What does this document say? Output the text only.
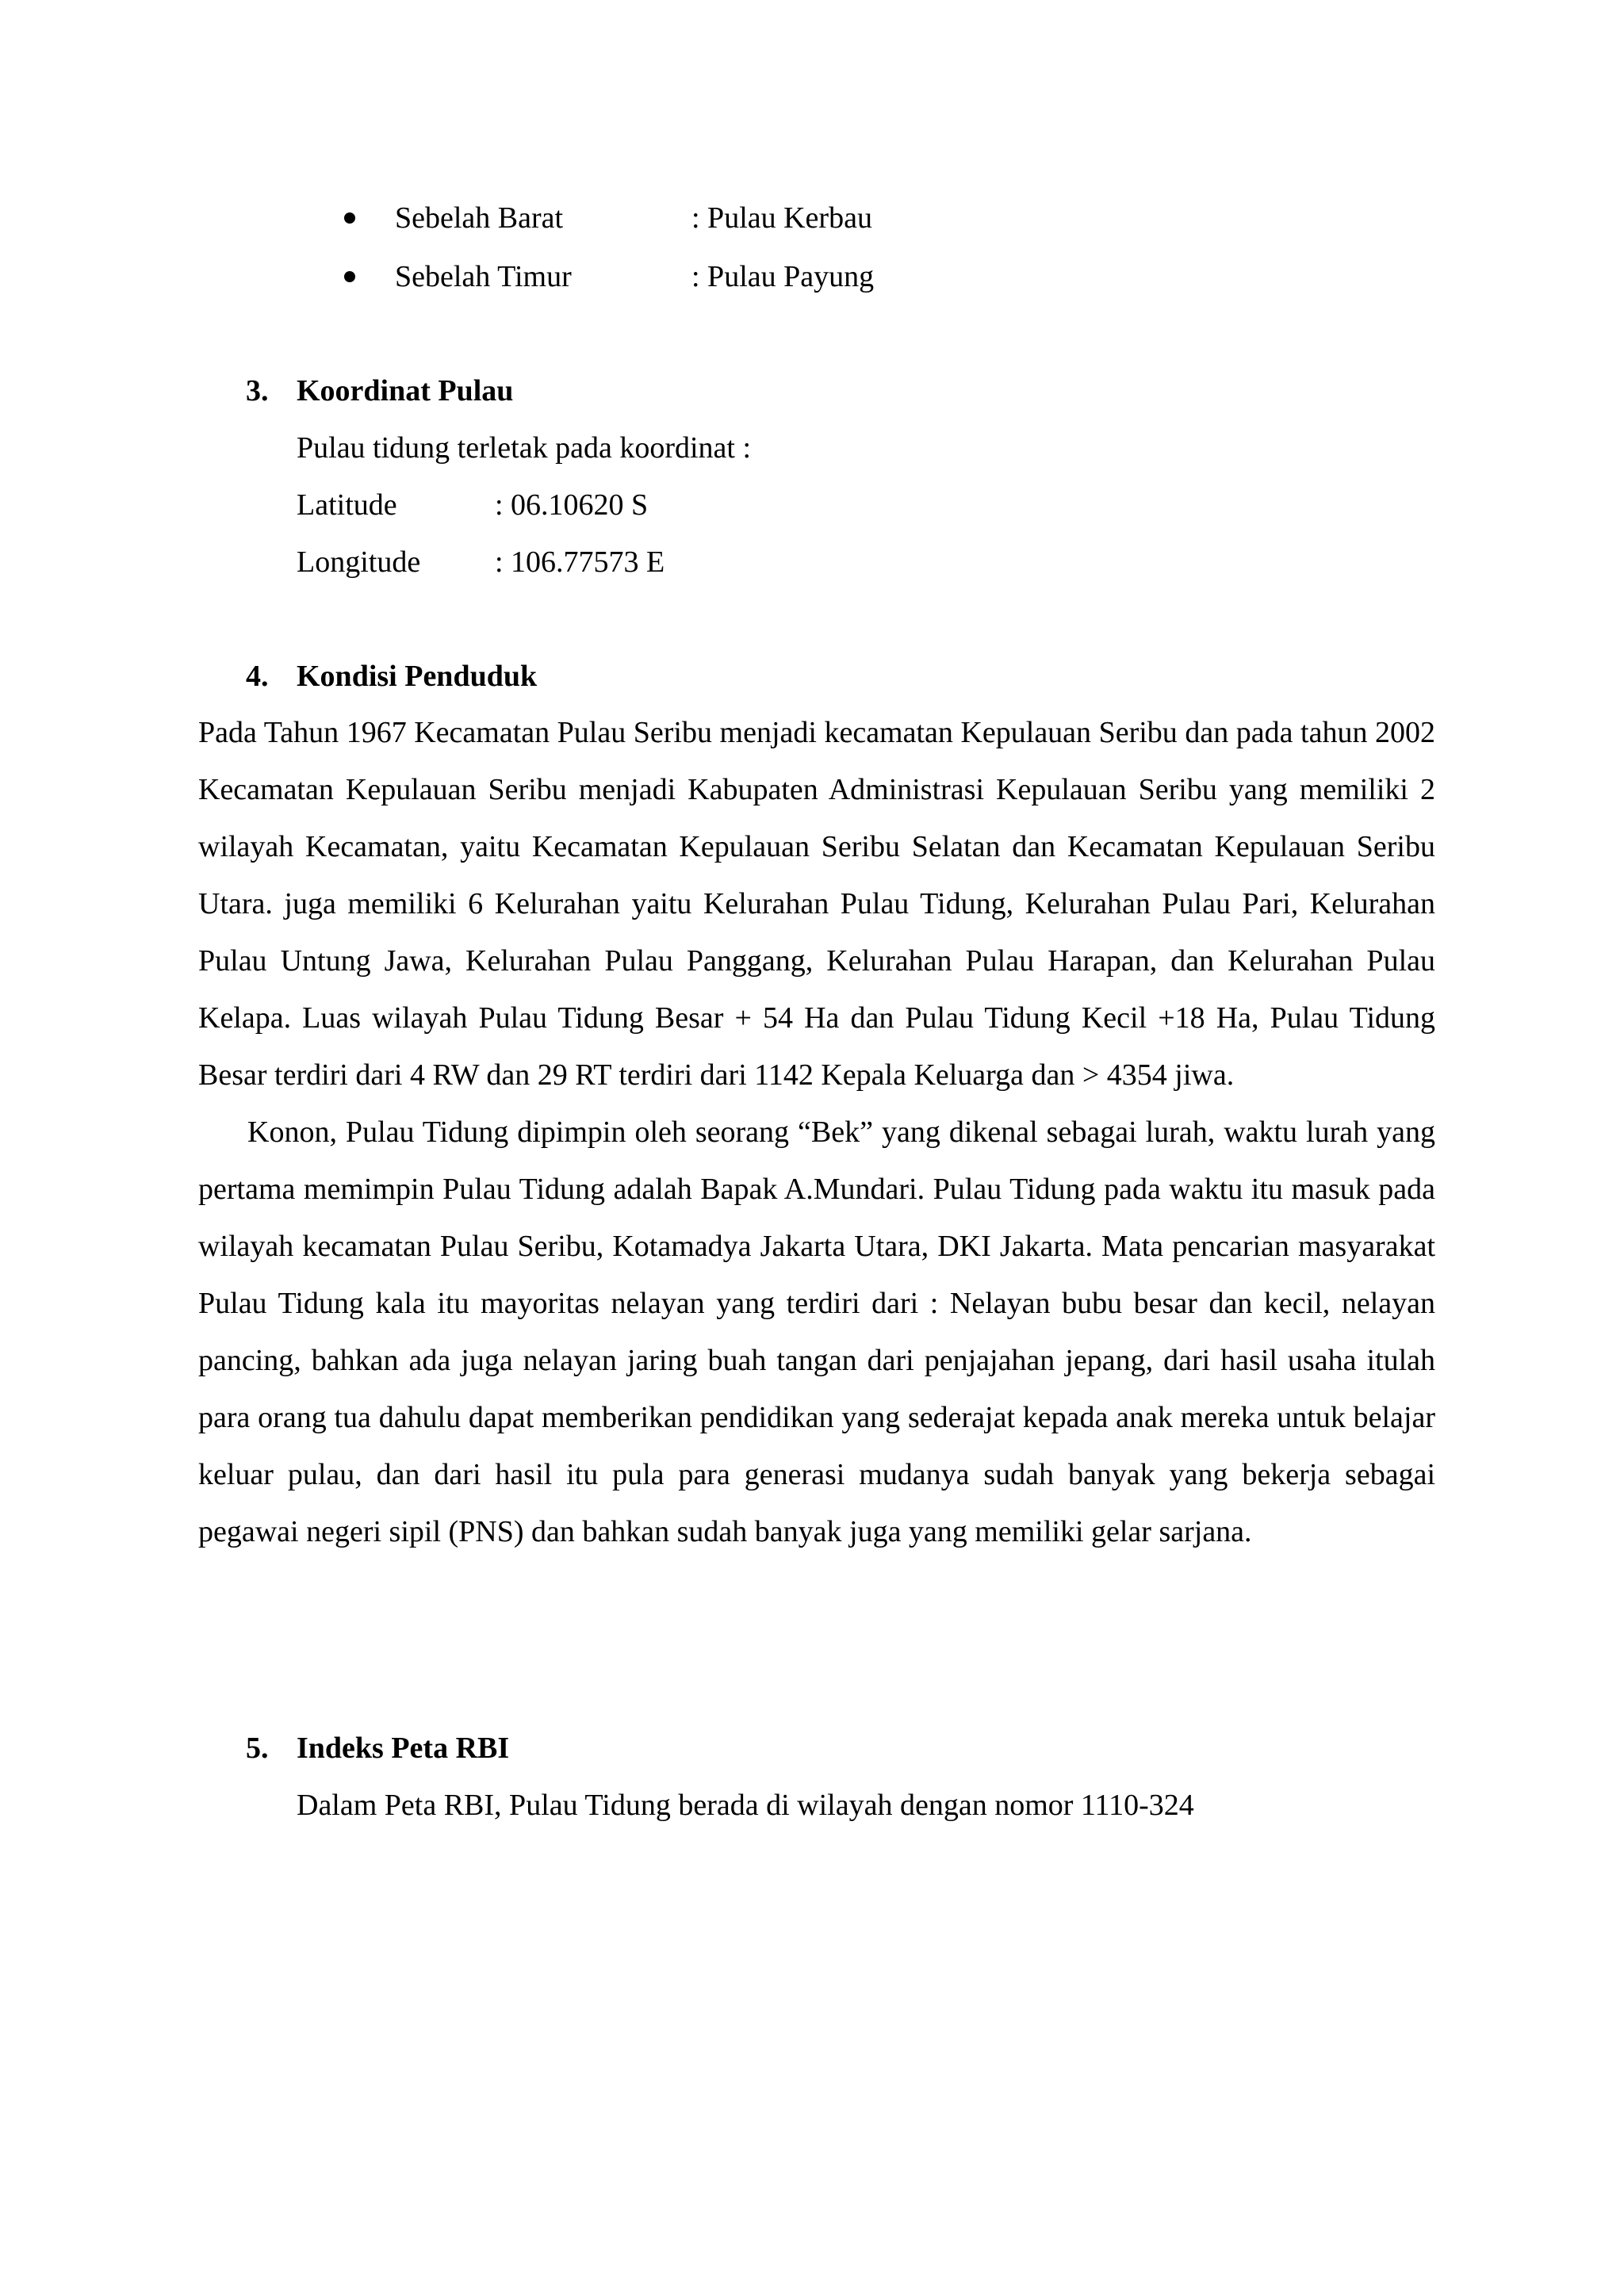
Sebelah Barat	: Pulau Kerbau
Sebelah Timur	: Pulau Payung
3. Koordinat Pulau
Pulau tidung terletak pada koordinat :
Latitude	: 06.10620 S
Longitude : 106.77573 E
4. Kondisi Penduduk

Pada Tahun 1967 Kecamatan Pulau Seribu menjadi kecamatan Kepulauan Seribu dan pada tahun 2002 Kecamatan Kepulauan Seribu menjadi Kabupaten Administrasi Kepulauan Seribu yang memiliki 2 wilayah Kecamatan, yaitu Kecamatan Kepulauan Seribu Selatan dan Kecamatan Kepulauan Seribu Utara. juga memiliki 6 Kelurahan yaitu Kelurahan Pulau Tidung, Kelurahan Pulau Pari, Kelurahan Pulau Untung Jawa, Kelurahan Pulau Panggang, Kelurahan Pulau Harapan, dan Kelurahan Pulau Kelapa. Luas wilayah Pulau Tidung Besar + 54 Ha dan Pulau Tidung Kecil +18 Ha, Pulau Tidung Besar terdiri dari 4 RW dan 29 RT terdiri dari 1142 Kepala Keluarga dan > 4354 jiwa.

Konon, Pulau Tidung dipimpin oleh seorang “Bek” yang dikenal sebagai lurah, waktu lurah yang pertama memimpin Pulau Tidung adalah Bapak A.Mundari. Pulau Tidung pada waktu itu masuk pada wilayah kecamatan Pulau Seribu, Kotamadya Jakarta Utara, DKI Jakarta. Mata pencarian masyarakat Pulau Tidung kala itu mayoritas nelayan yang terdiri dari : Nelayan bubu besar dan kecil, nelayan pancing, bahkan ada juga nelayan jaring buah tangan dari penjajahan jepang, dari hasil usaha itulah para orang tua dahulu dapat memberikan pendidikan yang sederajat kepada anak mereka untuk belajar keluar pulau, dan dari hasil itu pula para generasi mudanya sudah banyak yang bekerja sebagai pegawai negeri sipil (PNS) dan bahkan sudah banyak juga yang memiliki gelar sarjana.

5. Indeks Peta RBI
Dalam Peta RBI, Pulau Tidung berada di wilayah dengan nomor 1110-324
